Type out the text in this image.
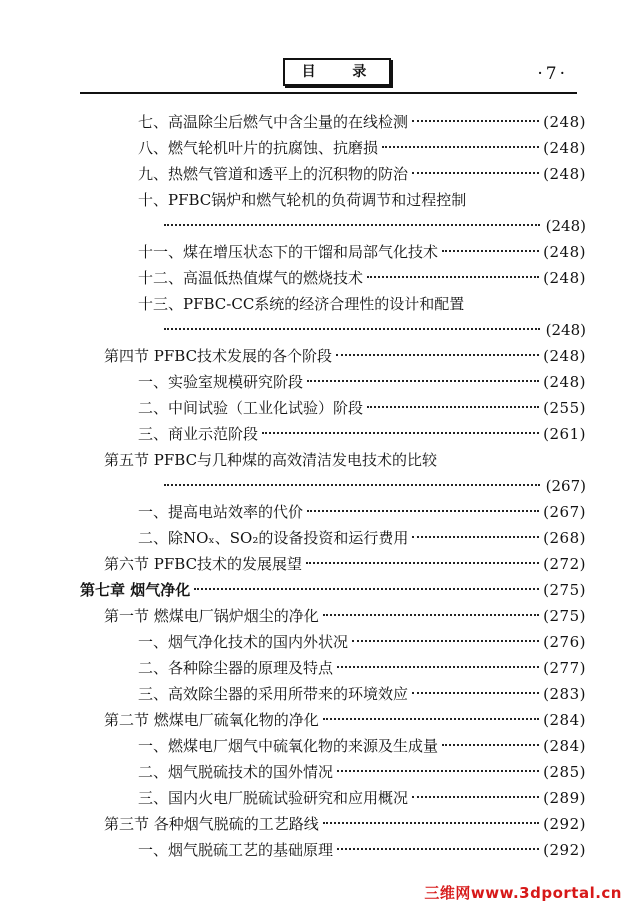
目 录	·7·
七、高温除尘后燃气中含尘量的在线检测	(248)
八、燃气轮机叶片的抗腐蚀、抗磨损	(248)
九、热燃气管道和透平上的沉积物的防治	(248)
十、PFBC锅炉和燃气轮机的负荷调节和过程控制
(248)
十一、煤在增压状态下的干馏和局部气化技术	(248)
十二、高温低热值煤气的燃烧技术	(248)
十三、PFBC-CC系统的经济合理性的设计和配置
(248)
第四节 PFBC技术发展的各个阶段	(248)
一、实验室规模研究阶段	(248)
二、中间试验（工业化试验）阶段	(255)
三、商业示范阶段	(261)
第五节 PFBC与几种煤的高效清洁发电技术的比较
(267)
一、提高电站效率的代价	(267)
二、除NOₓ、SO₂的设备投资和运行费用	(268)
第六节 PFBC技术的发展展望	(272)
第七章 烟气净化	(275)
第一节 燃煤电厂锅炉烟尘的净化	(275)
一、烟气净化技术的国内外状况	(276)
二、各种除尘器的原理及特点	(277)
三、高效除尘器的采用所带来的环境效应	(283)
第二节 燃煤电厂硫氧化物的净化	(284)
一、燃煤电厂烟气中硫氧化物的来源及生成量	(284)
二、烟气脱硫技术的国外情况	(285)
三、国内火电厂脱硫试验研究和应用概况	(289)
第三节 各种烟气脱硫的工艺路线	(292)
一、烟气脱硫工艺的基础原理	(292)
三维网www.3dportal.cn
